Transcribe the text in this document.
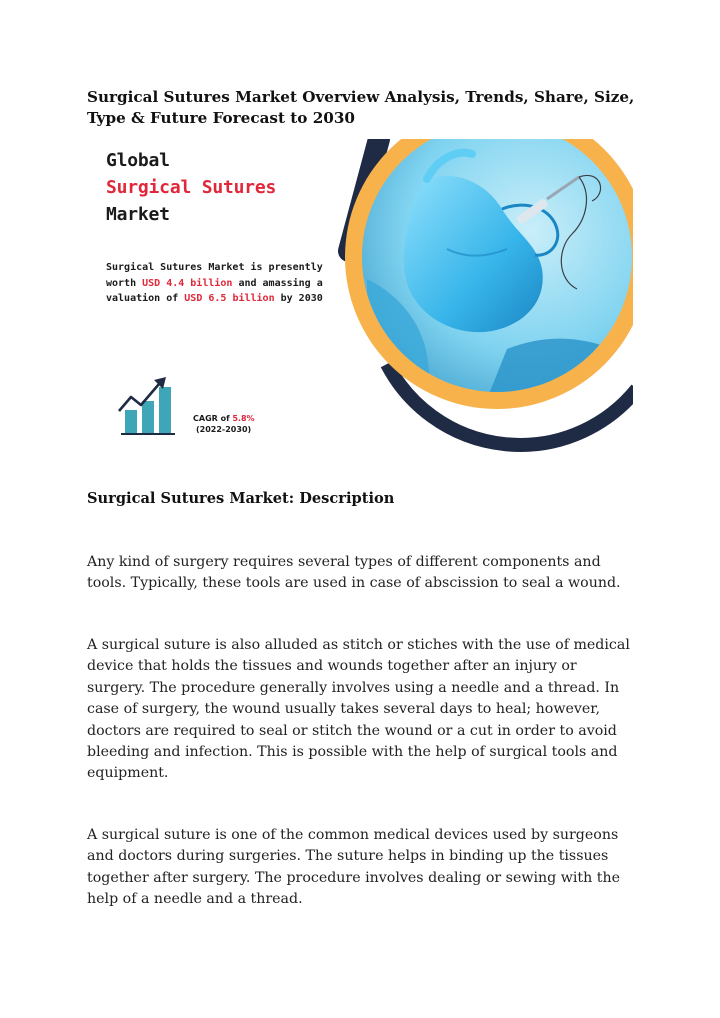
Surgical Sutures Market Overview Analysis, Trends, Share, Size, Type & Future Forecast to 2030
Global
Surgical Sutures
Market
Surgical Sutures Market is presently worth USD 4.4 billion and amassing a valuation of USD 6.5 billion by 2030
CAGR of 5.8%
(2022-2030)
Surgical Sutures Market: Description

Any kind of surgery requires several types of different components and tools. Typically, these tools are used in case of abscission to seal a wound.

A surgical suture is also alluded as stitch or stiches with the use of medical device that holds the tissues and wounds together after an injury or surgery. The procedure generally involves using a needle and a thread. In case of surgery, the wound usually takes several days to heal; however, doctors are required to seal or stitch the wound or a cut in order to avoid bleeding and infection. This is possible with the help of surgical tools and equipment.

A surgical suture is one of the common medical devices used by surgeons and doctors during surgeries. The suture helps in binding up the tissues together after surgery. The procedure involves dealing or sewing with the help of a needle and a thread.
